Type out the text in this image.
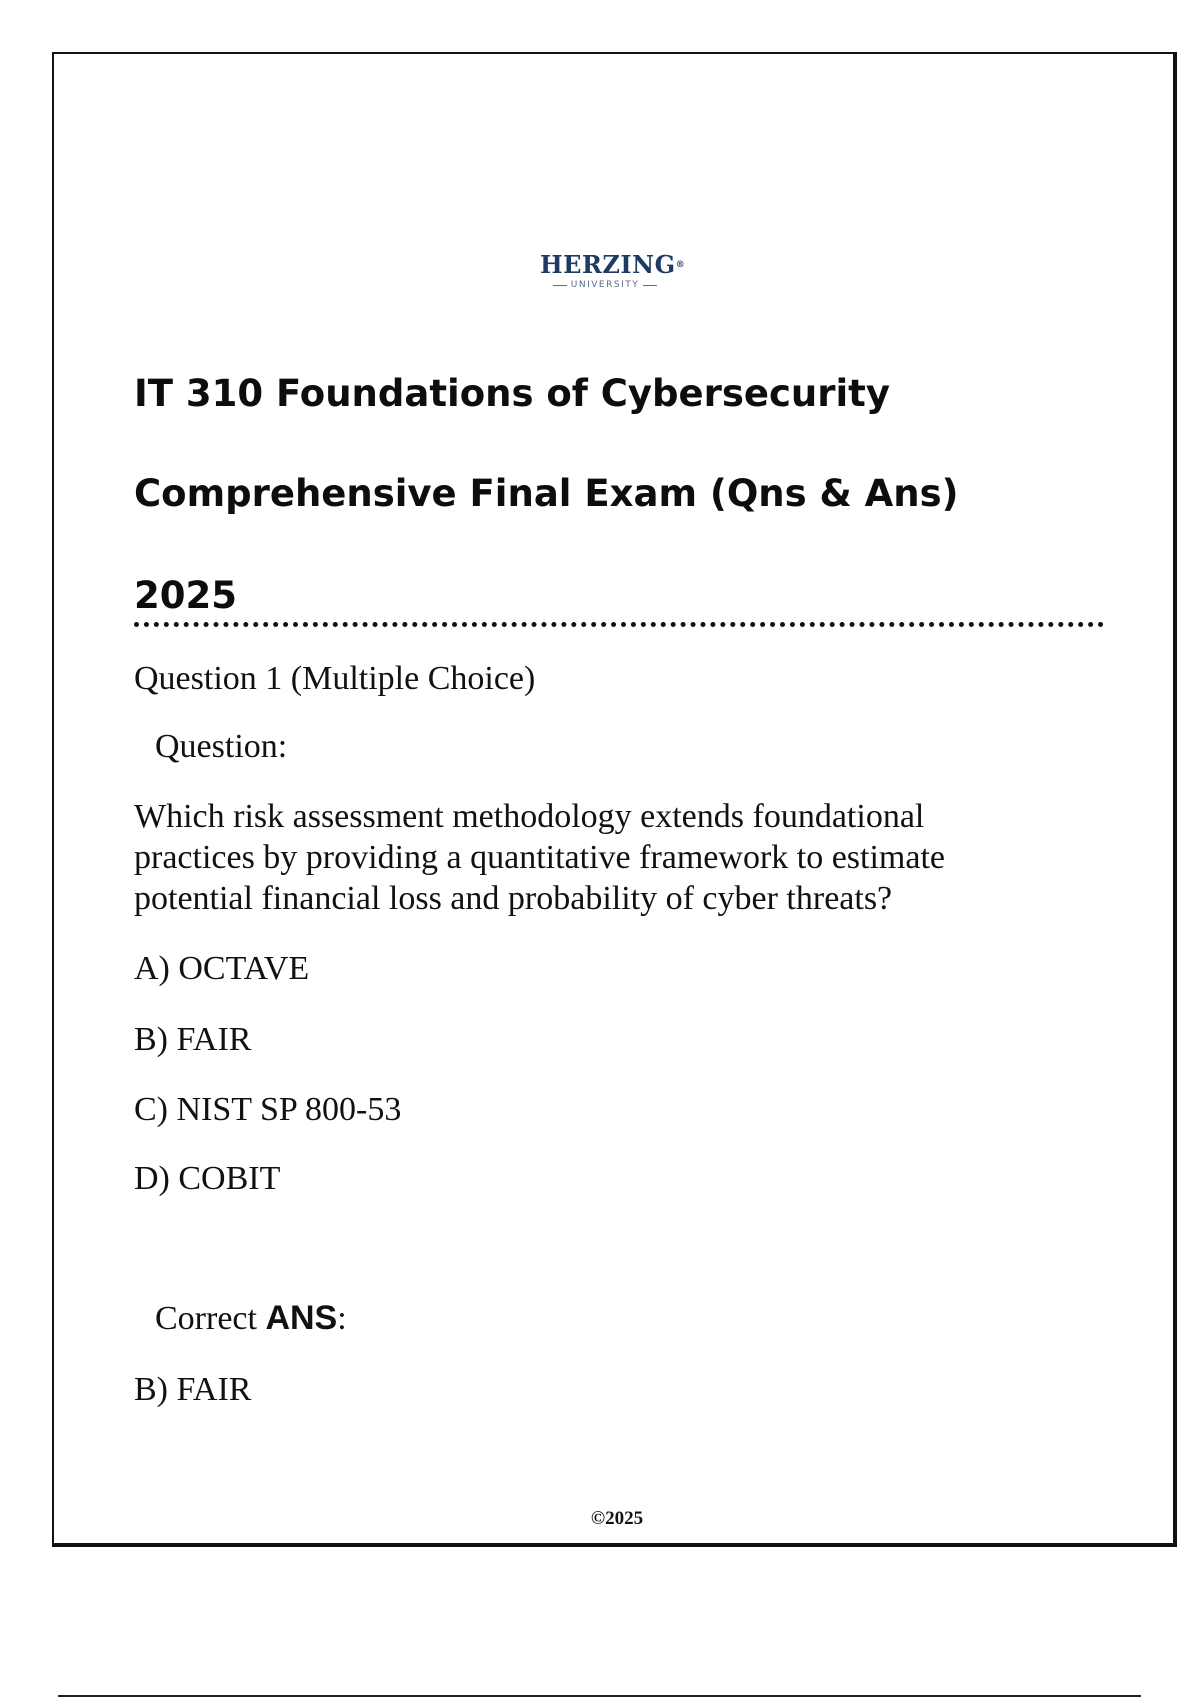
HERZING®
UNIVERSITY
IT 310 Foundations of Cybersecurity
Comprehensive Final Exam (Qns & Ans)
2025
Question 1 (Multiple Choice)
Question:
Which risk assessment methodology extends foundational practices by providing a quantitative framework to estimate potential financial loss and probability of cyber threats?
A) OCTAVE
B) FAIR
C) NIST SP 800-53
D) COBIT
Correct ANS:
B) FAIR
©2025
